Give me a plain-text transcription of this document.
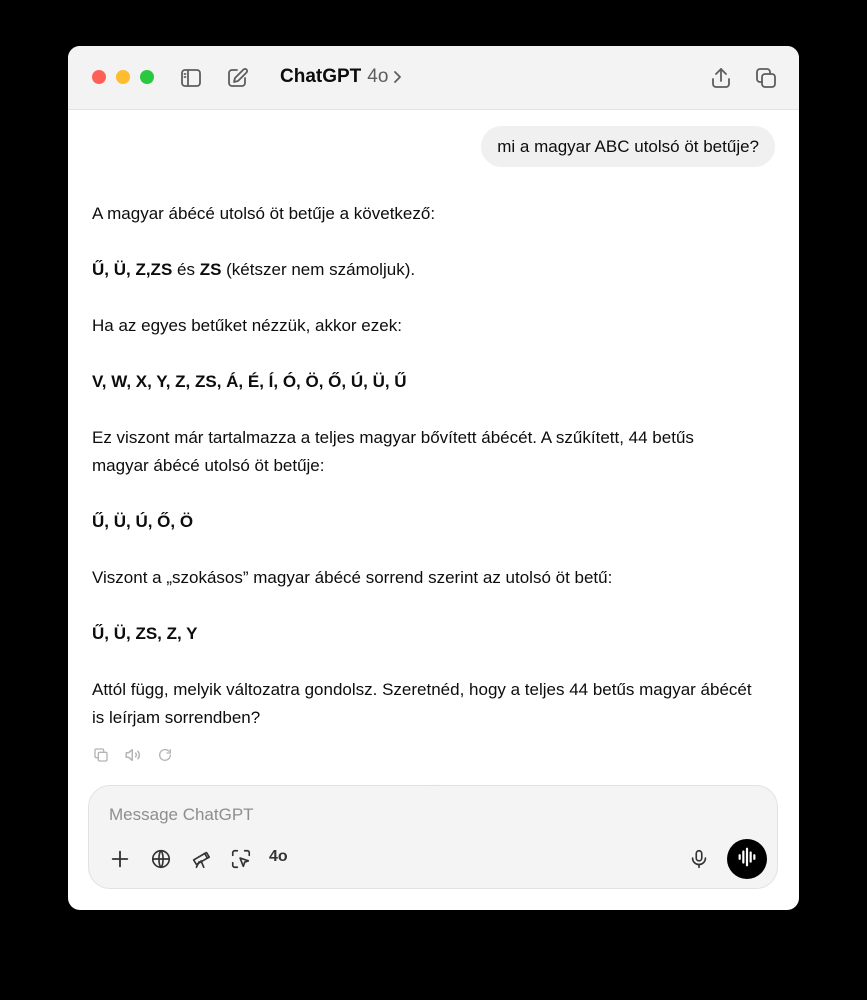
ChatGPT 4o
mi a magyar ABC utolsó öt betűje?

A magyar ábécé utolsó öt betűje a következő:

Ű, Ü, Z,ZS és ZS (kétszer nem számoljuk).

Ha az egyes betűket nézzük, akkor ezek:

V, W, X, Y, Z, ZS, Á, É, Í, Ó, Ö, Ő, Ú, Ü, Ű

Ez viszont már tartalmazza a teljes magyar bővített ábécét. A szűkített, 44 betűs magyar ábécé utolsó öt betűje:

Ű, Ü, Ú, Ő, Ö

Viszont a „szokásos” magyar ábécé sorrend szerint az utolsó öt betű:

Ű, Ü, ZS, Z, Y

Attól függ, melyik változatra gondolsz. Szeretnéd, hogy a teljes 44 betűs magyar ábécét is leírjam sorrendben?

Message ChatGPT
4o
